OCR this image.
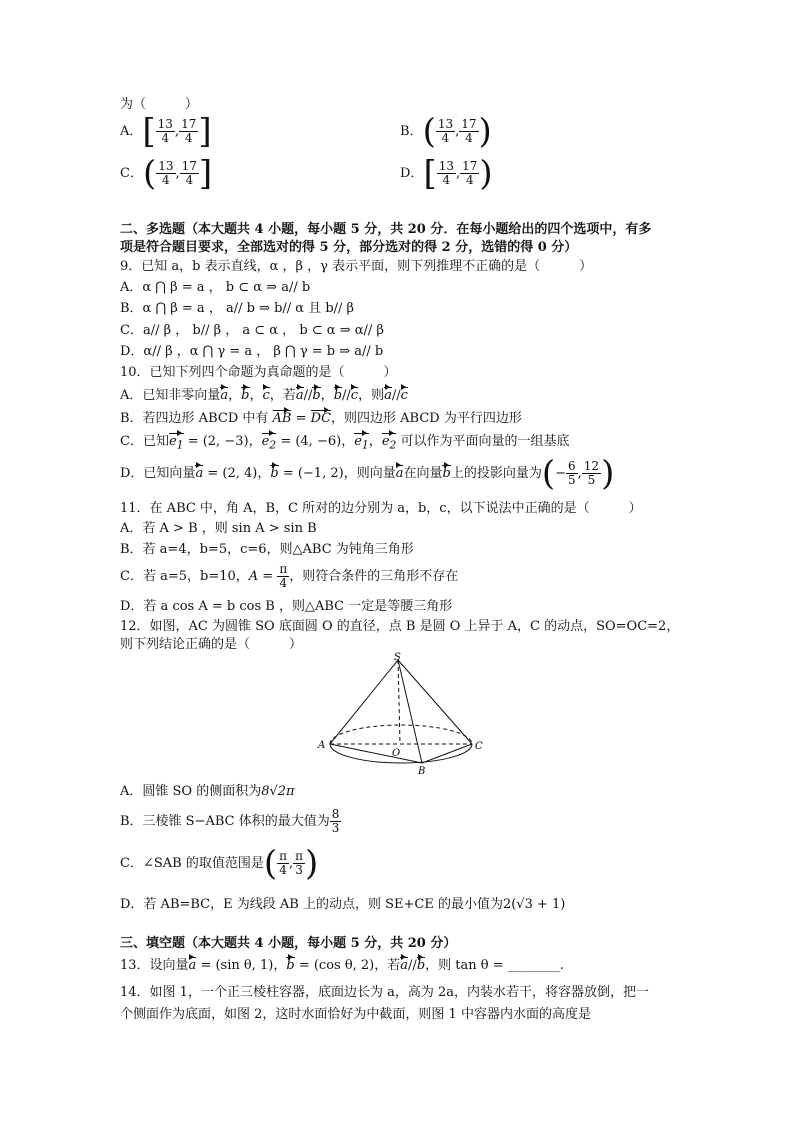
为（　　　）
A．[ $\frac{13}{4}$ , $\frac{17}{4}$ ]	B．( $\frac{13}{4}$ , $\frac{17}{4}$ )
C．( $\frac{13}{4}$ , $\frac{17}{4}$ ]	D．[ $\frac{13}{4}$ , $\frac{17}{4}$ )
二、多选题（本大题共 4 小题，每小题 5 分，共 20 分．在每小题给出的四个选项中，有多
项是符合题目要求，全部选对的得 5 分，部分选对的得 2 分，选错的得 0 分）
9．已知 a，b 表示直线，α ，β ，γ 表示平面，则下列推理不正确的是（　　　）
A．α ⋂ β = a ， b ⊂ α ⇒ a// b
B．α ⋂ β = a ， a// b ⇒ b// α 且 b// β
C．a// β ， b// β ， a ⊂ α ， b ⊂ α ⇒ α// β
D．α// β ，α ⋂ γ = a ， β ⋂ γ = b ⇒ a// b
10．已知下列四个命题为真命题的是（　　　）
A．已知非零向量a，b，c，若a//b，b//c，则a//c
B．若四边形 ABCD 中有 AB = DC，则四边形 ABCD 为平行四边形
C．已知$e_1 = (2$, −3)，$e_2 = (4$, −6)，$e_1$，$e_2$ 可以作为平面向量的一组基底
D．已知向量a = (2, 4)，b = (−1, 2)，则向量a在向量b上的投影向量为(− $\frac{6}{5}$ , $\frac{12}{5}$ )
11．在 ABC 中，角 A，B，C 所对的边分别为 a，b，c，以下说法中正确的是（　　　）
A．若 A > B ，则 sin A > sin B
B．若 a=4，b=5，c=6，则△ABC 为钝角三角形
C．若 a=5，b=10，$A = \frac{\pi}{4}$ ，则符合条件的三角形不存在
D．若 a cos A = b cos B ，则△ABC 一定是等腰三角形
12．如图，AC 为圆锥 SO 底面圆 O 的直径，点 B 是圆 O 上异于 A，C 的动点，SO=OC=2，
则下列结论正确的是（　　　）
S
A
O
C
B
A．圆锥 SO 的侧面积为8√2π
B．三棱锥 S−ABC 体积的最大值为 $\frac{8}{3}$
C．∠SAB 的取值范围是( $\frac{\pi}{4}$ , $\frac{\pi}{3}$ )
D．若 AB=BC，E 为线段 AB 上的动点，则 SE+CE 的最小值为2(√3 + 1)
三、填空题（本大题共 4 小题，每小题 5 分，共 20 分）
13．设向量a = (sin θ, 1)，b = (cos θ, 2)，若a//b，则 tan θ = ________.
14．如图 1，一个正三棱柱容器，底面边长为 a，高为 2a，内装水若干，将容器放倒，把一
个侧面作为底面，如图 2，这时水面恰好为中截面，则图 1 中容器内水面的高度是
